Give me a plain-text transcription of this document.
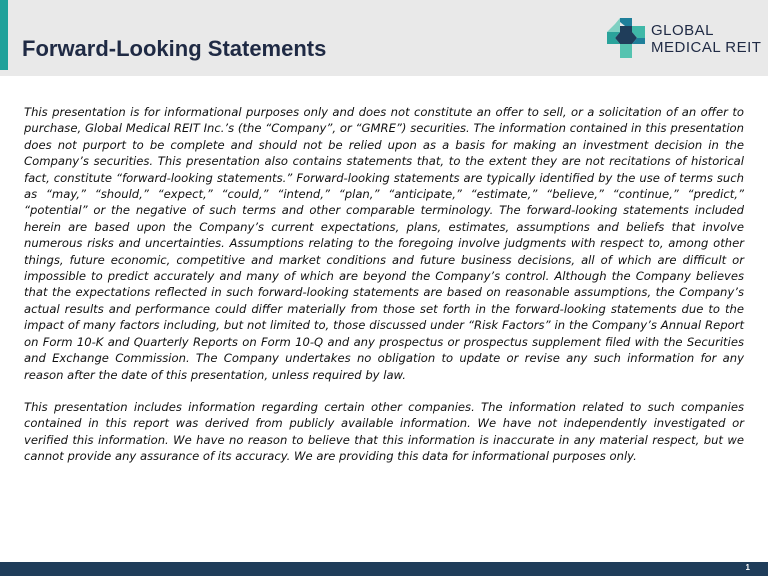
Forward-Looking Statements
GLOBAL
MEDICAL REIT

This presentation is for informational purposes only and does not constitute an offer to sell, or a solicitation of an offer to purchase, Global Medical REIT Inc.’s (the “Company”, or “GMRE”) securities. The information contained in this presentation does not purport to be complete and should not be relied upon as a basis for making an investment decision in the Company’s securities. This presentation also contains statements that, to the extent they are not recitations of historical fact, constitute “forward-looking statements.” Forward-looking statements are typically identified by the use of terms such as “may,” “should,” “expect,” “could,” “intend,” “plan,” “anticipate,” “estimate,” “believe,” “continue,” “predict,” “potential” or the negative of such terms and other comparable terminology. The forward-looking statements included herein are based upon the Company’s current expectations, plans, estimates, assumptions and beliefs that involve numerous risks and uncertainties. Assumptions relating to the foregoing involve judgments with respect to, among other things, future economic, competitive and market conditions and future business decisions, all of which are difficult or impossible to predict accurately and many of which are beyond the Company’s control. Although the Company believes that the expectations reflected in such forward-looking statements are based on reasonable assumptions, the Company’s actual results and performance could differ materially from those set forth in the forward-looking statements due to the impact of many factors including, but not limited to, those discussed under “Risk Factors” in the Company’s Annual Report on Form 10-K and Quarterly Reports on Form 10-Q and any prospectus or prospectus supplement filed with the Securities and Exchange Commission. The Company undertakes no obligation to update or revise any such information for any reason after the date of this presentation, unless required by law.

This presentation includes information regarding certain other companies. The information related to such companies contained in this report was derived from publicly available information. We have not independently investigated or verified this information. We have no reason to believe that this information is inaccurate in any material respect, but we cannot provide any assurance of its accuracy. We are providing this data for informational purposes only.

1
